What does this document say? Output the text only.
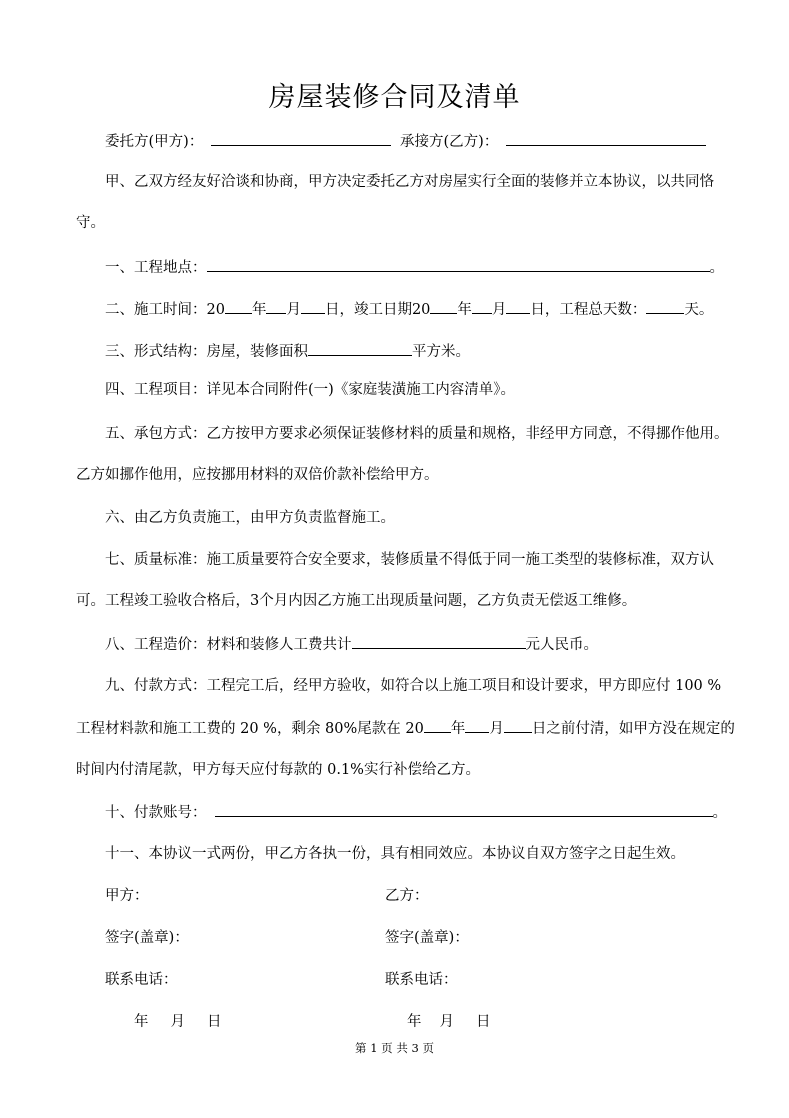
房屋装修合同及清单
委托方(甲方)：	承接方(乙方)：
甲、乙双方经友好洽谈和协商，甲方决定委托乙方对房屋实行全面的装修并立本协议，以共同恪
守。
一、工程地点：	。
二、施工时间：20 年 月 日，竣工日期20 年 月 日，工程总天数：	天。
三、形式结构：房屋，装修面积	平方米。
四、工程项目：详见本合同附件(一)《家庭装潢施工内容清单》。
五、承包方式：乙方按甲方要求必须保证装修材料的质量和规格，非经甲方同意，不得挪作他用。
乙方如挪作他用，应按挪用材料的双倍价款补偿给甲方。
六、由乙方负责施工，由甲方负责监督施工。
七、质量标准：施工质量要符合安全要求，装修质量不得低于同一施工类型的装修标准，双方认
可。工程竣工验收合格后，3个月内因乙方施工出现质量问题，乙方负责无偿返工维修。
八、工程造价：材料和装修人工费共计	元人民币。
九、付款方式：工程完工后，经甲方验收，如符合以上施工项目和设计要求，甲方即应付 100 %
工程材料款和施工工费的 20 %，剩余 80%尾款在 20 年 月 日之前付清，如甲方没在规定的
时间内付清尾款，甲方每天应付每款的 0.1%实行补偿给乙方。
十、付款账号：	。
十一、本协议一式两份，甲乙方各执一份，具有相同效应。本协议自双方签字之日起生效。
甲方：	乙方：
签字(盖章)：	签字(盖章)：
联系电话：	联系电话：
年 月 日	年 月 日
第 1 页 共 3 页
